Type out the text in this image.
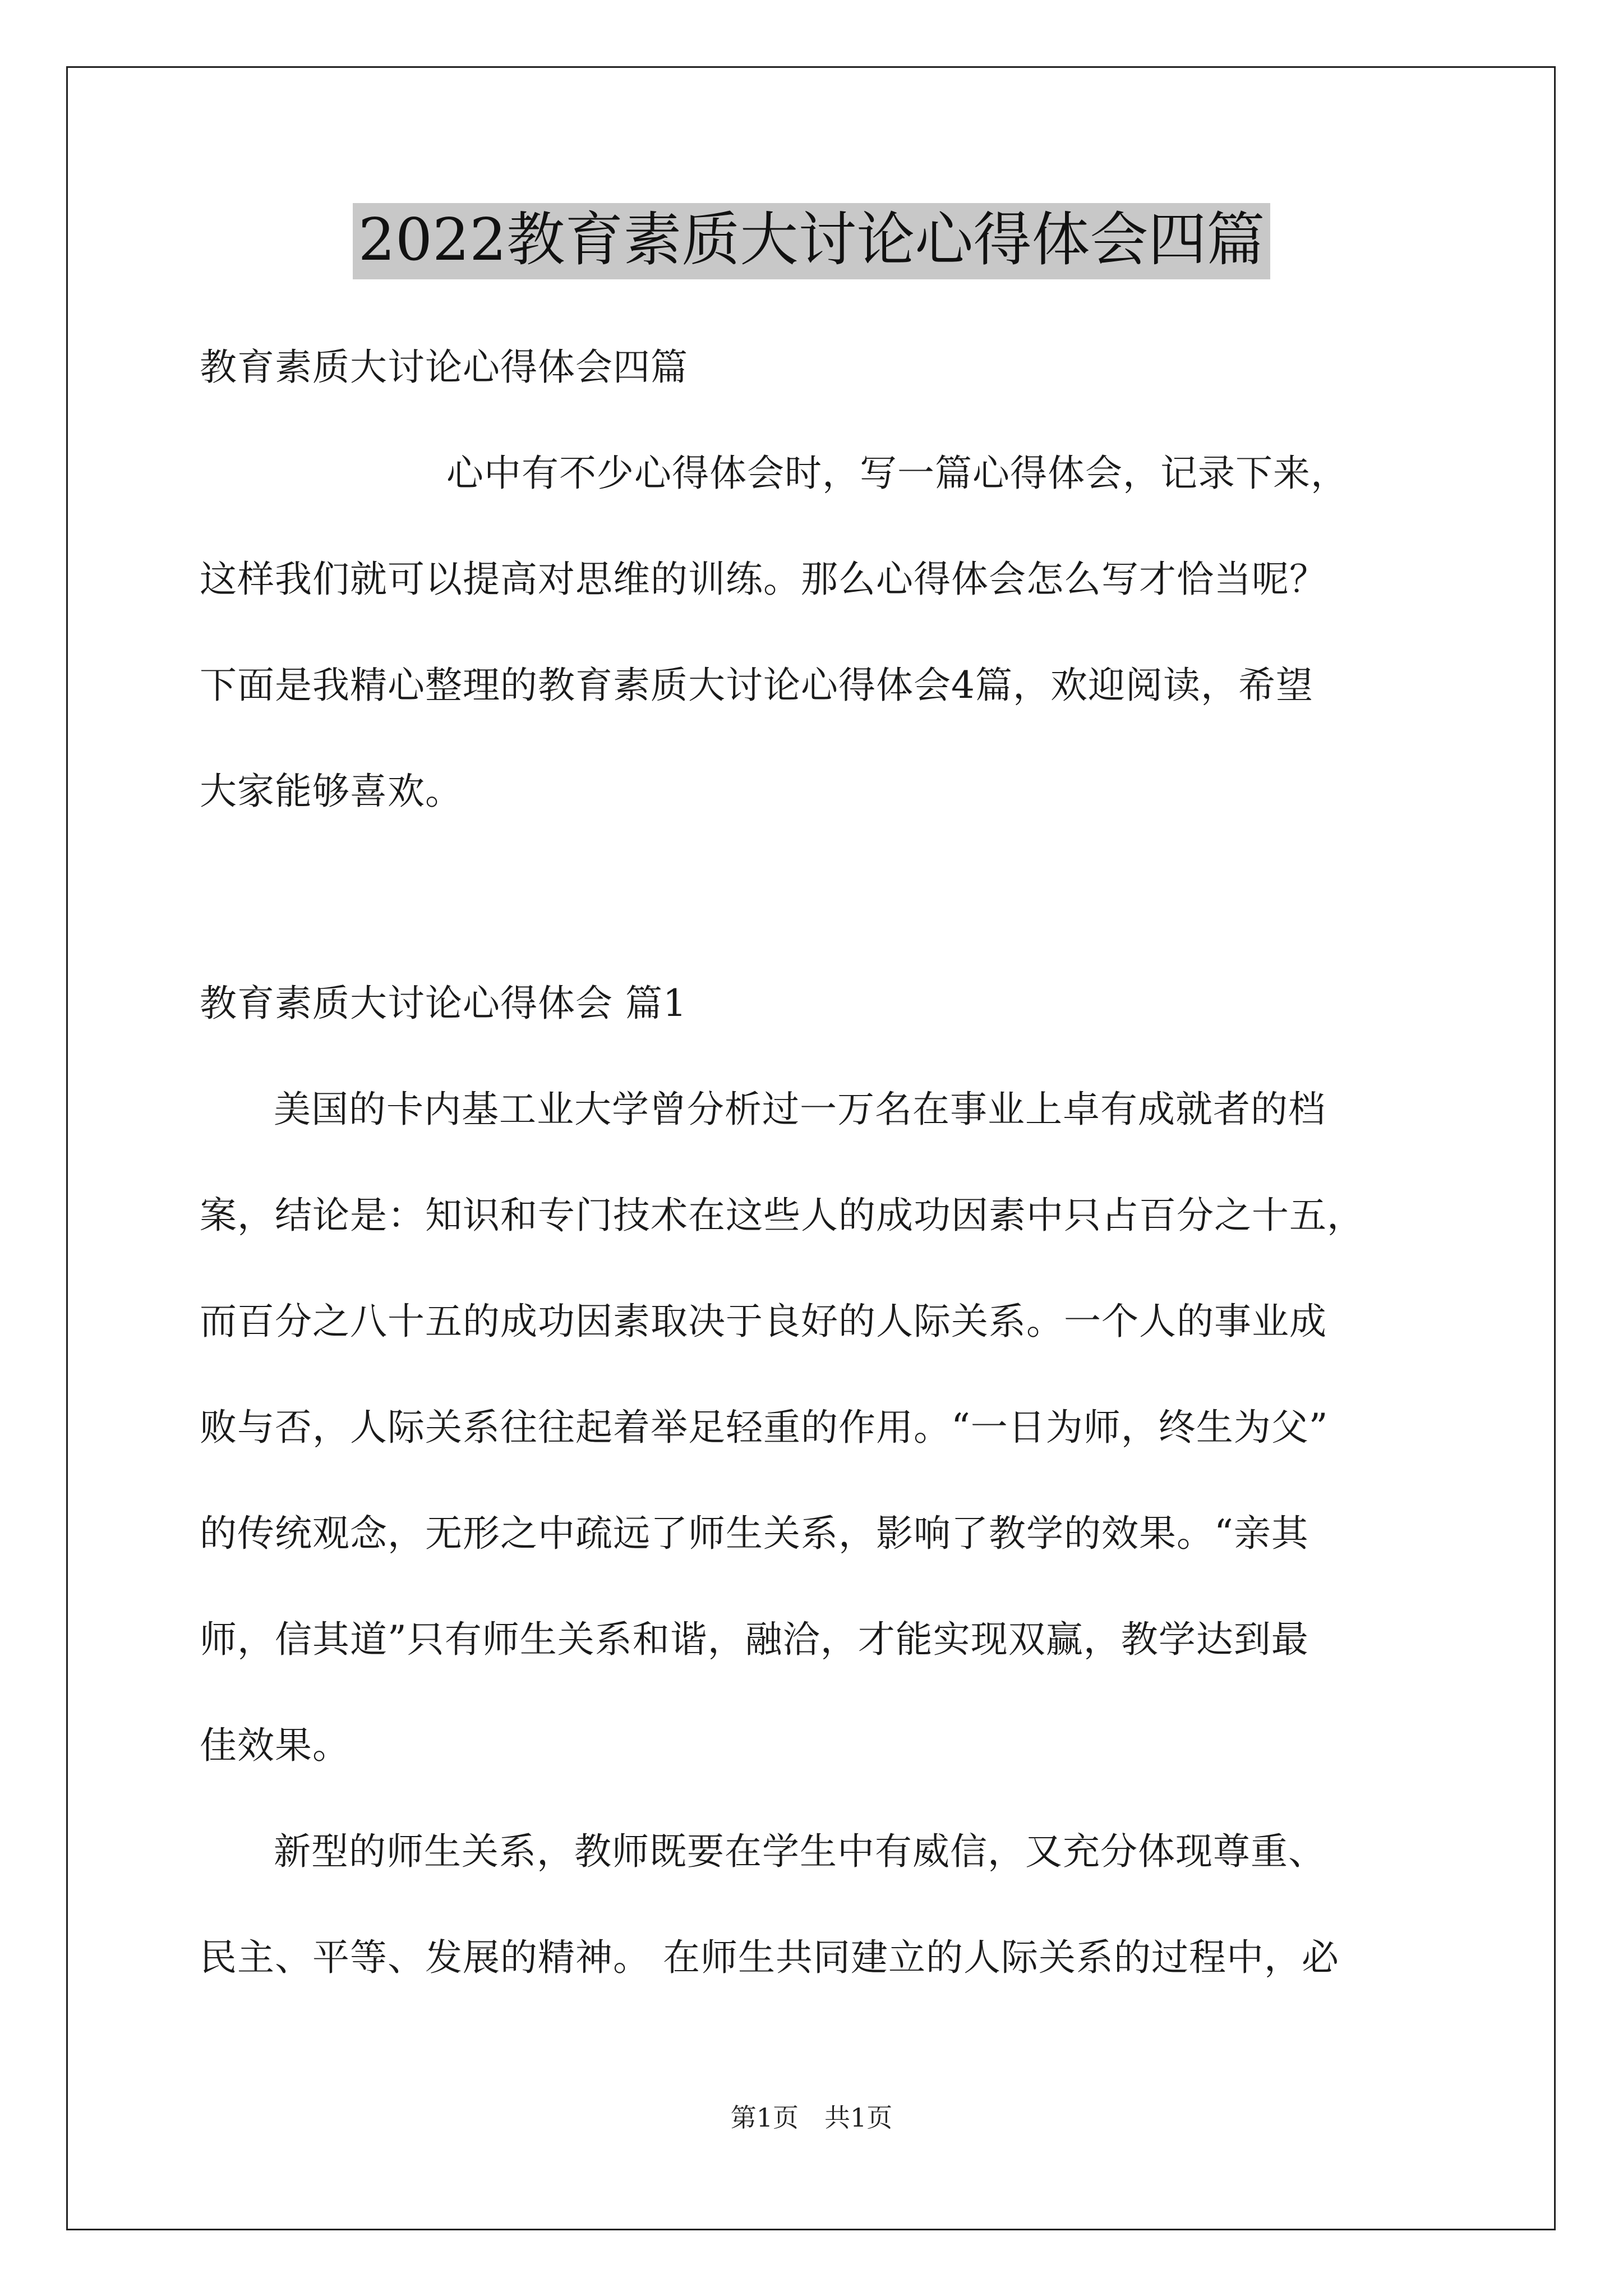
2022教育素质大讨论心得体会四篇
教育素质大讨论心得体会四篇
心中有不少心得体会时，写一篇心得体会，记录下来，
这样我们就可以提高对思维的训练。那么心得体会怎么写才恰当呢？
下面是我精心整理的教育素质大讨论心得体会4篇，欢迎阅读，希望
大家能够喜欢。
教育素质大讨论心得体会 篇1
美国的卡内基工业大学曾分析过一万名在事业上卓有成就者的档
案，结论是：知识和专门技术在这些人的成功因素中只占百分之十五，
而百分之八十五的成功因素取决于良好的人际关系。一个人的事业成
败与否，人际关系往往起着举足轻重的作用。“一日为师，终生为父”
的传统观念，无形之中疏远了师生关系，影响了教学的效果。“亲其
师，信其道”只有师生关系和谐，融洽，才能实现双赢，教学达到最
佳效果。
新型的师生关系，教师既要在学生中有威信，又充分体现尊重、
民主、平等、发展的精神。 在师生共同建立的人际关系的过程中，必
第1页　共1页
